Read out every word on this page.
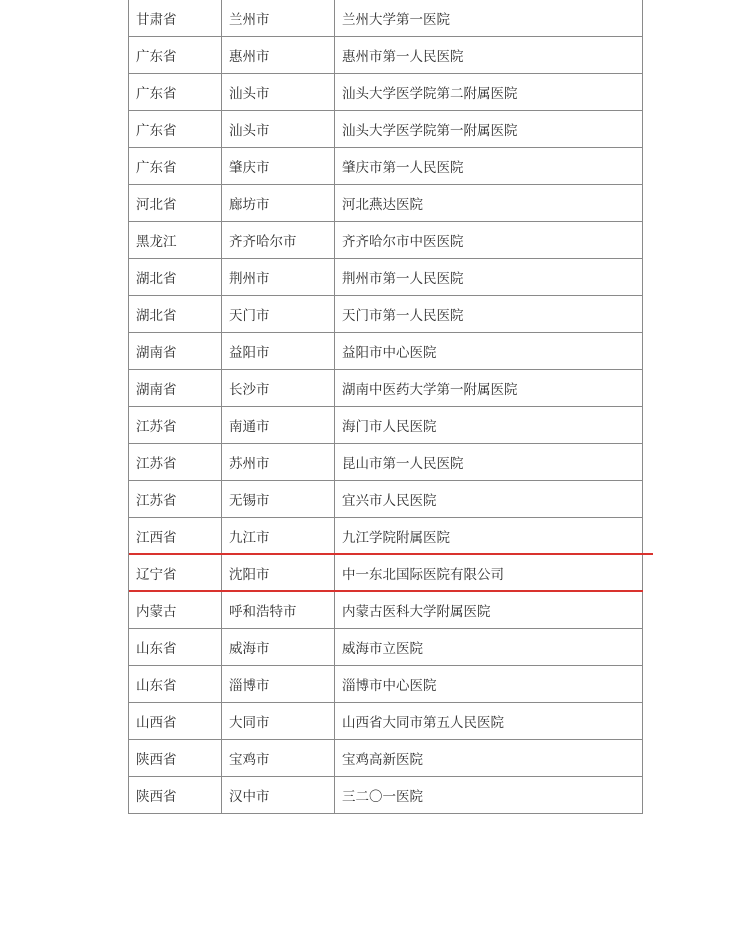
甘肃省	兰州市	兰州大学第一医院
广东省	惠州市	惠州市第一人民医院
广东省	汕头市	汕头大学医学院第二附属医院
广东省	汕头市	汕头大学医学院第一附属医院
广东省	肇庆市	肇庆市第一人民医院
河北省	廊坊市	河北燕达医院
黑龙江	齐齐哈尔市	齐齐哈尔市中医医院
湖北省	荆州市	荆州市第一人民医院
湖北省	天门市	天门市第一人民医院
湖南省	益阳市	益阳市中心医院
湖南省	长沙市	湖南中医药大学第一附属医院
江苏省	南通市	海门市人民医院
江苏省	苏州市	昆山市第一人民医院
江苏省	无锡市	宜兴市人民医院
江西省	九江市	九江学院附属医院
辽宁省	沈阳市	中一东北国际医院有限公司
内蒙古	呼和浩特市	内蒙古医科大学附属医院
山东省	威海市	威海市立医院
山东省	淄博市	淄博市中心医院
山西省	大同市	山西省大同市第五人民医院
陕西省	宝鸡市	宝鸡高新医院
陕西省	汉中市	三二〇一医院
